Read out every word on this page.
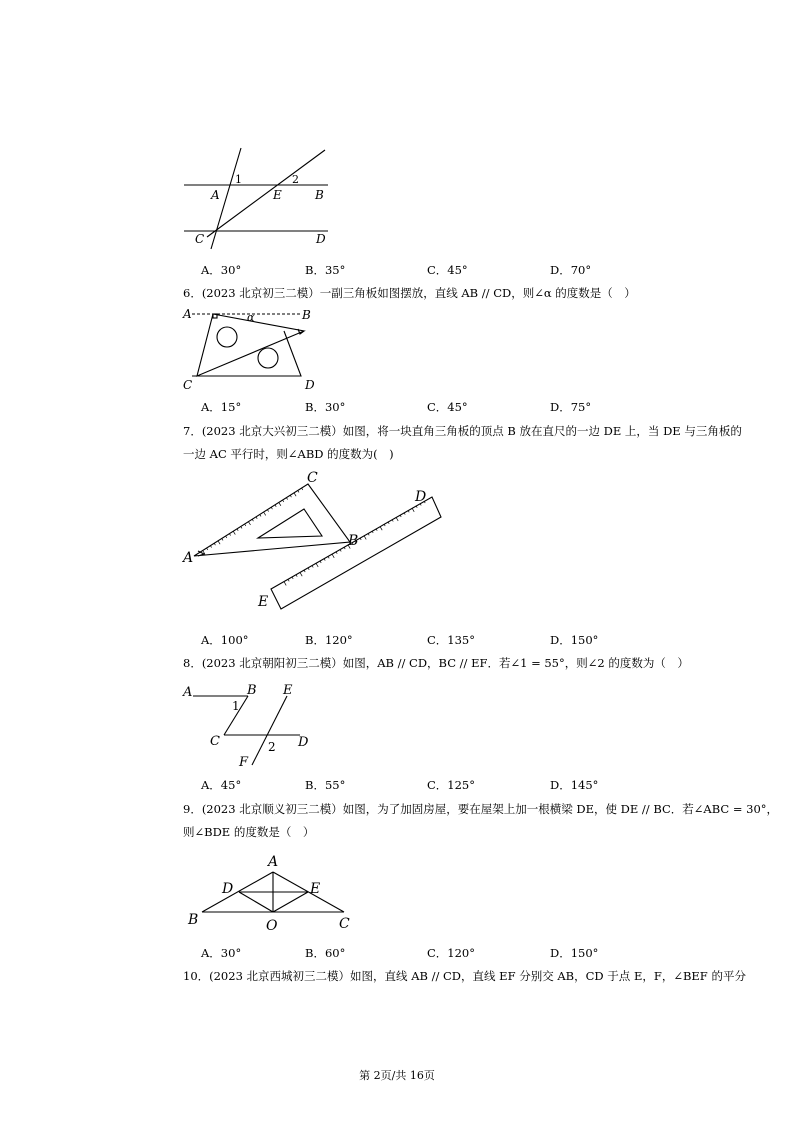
1	2
A	E	B
C	D
A．30°	B．35°	C．45°	D．70°
6．(2023 北京初三二模）一副三角板如图摆放，直线 AB // CD，则∠α 的度数是（　）
A	B
α
C	D
A．15°	B．30°	C．45°	D．75°
7．(2023 北京大兴初三二模）如图，将一块直角三角板的顶点 B 放在直尺的一边 DE 上，当 DE 与三角板的
一边 AC 平行时，则∠ABD 的度数为(　)
A
C
B
D
E
A．100°	B．120°	C．135°	D．150°
8．(2023 北京朝阳初三二模）如图，AB // CD，BC // EF．若∠1 = 55°，则∠2 的度数为（　）
A	B E
1
C	2 D
F
A．45°	B．55°	C．125°	D．145°
9．(2023 北京顺义初三二模）如图，为了加固房屋，要在屋架上加一根横梁 DE，使 DE // BC．若∠ABC = 30°，
则∠BDE 的度数是（　）
A
D	E
B	O	C
A．30°	B．60°	C．120°	D．150°
10．(2023 北京西城初三二模）如图，直线 AB // CD，直线 EF 分别交 AB，CD 于点 E，F，∠BEF 的平分
第 2页/共 16页
